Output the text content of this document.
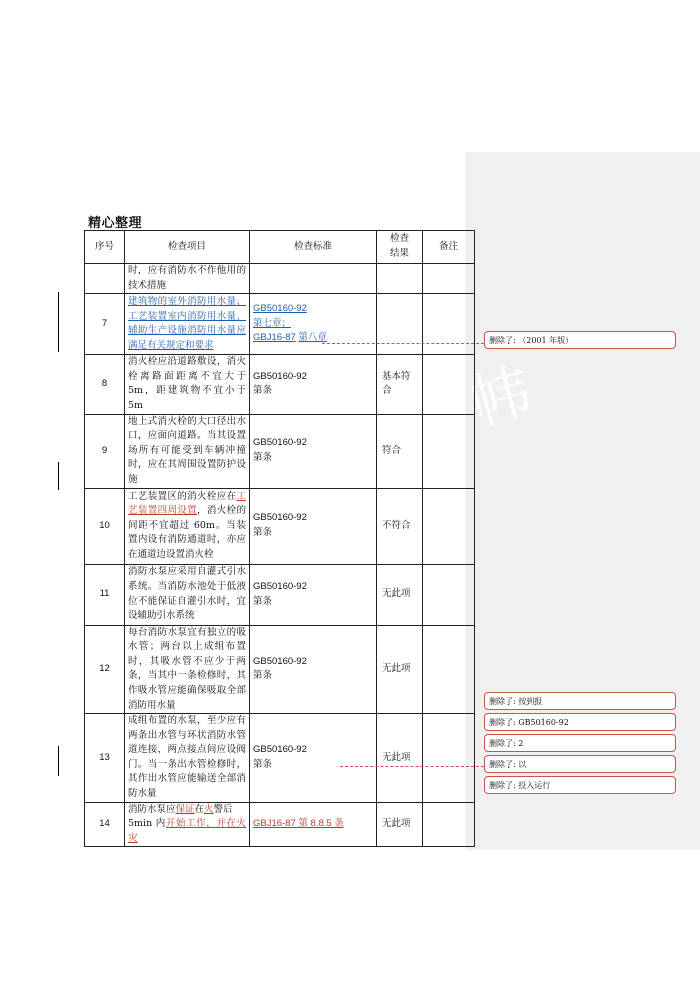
帏
精心整理
序号	检查项目	检查标准	检查
结果	备注
	时，应有消防水不作他用的技术措施			
7	建筑物的室外消防用水量、工艺装置室内消防用水量、辅助生产设施消防用水量应满足有关规定和要求	GB50160-92
第七章；
GBJ16-87 第八章		
8	消火栓应沿道路敷设，消火栓离路面距离不宜大于 5m，距建筑物不宜小于 5m	GB50160-92
第条	基本符合	
9	地上式消火栓的大口径出水口，应面向道路。当其设置场所有可能受到车辆冲撞时，应在其周围设置防护设施	GB50160-92
第条	符合	
10	工艺装置区的消火栓应在工艺装置四周设置，消火栓的间距不宜超过 60m。当装置内设有消防通道时，亦应在通道边设置消火栓	GB50160-92
第条	不符合	
11	消防水泵应采用自灌式引水系统。当消防水池处于低液位不能保证自灌引水时，宜设辅助引水系统	GB50160-92
第条	无此项	
12	每台消防水泵宜有独立的吸水管；两台以上成组布置时，其吸水管不应少于两条，当其中一条检修时，其作吸水管应能确保吸取全部消防用水量	GB50160-92
第条	无此项	
13	成组布置的水泵，至少应有两条出水管与环状消防水管道连接，两点接点间应设阀门。当一条出水管检修时，其作出水管应能输送全部消防水量	GB50160-92
第条	无此项	
14	消防水泵应保证在火警后
5min 内开始工作，并在火灾	GBJ16-87 第 8.8.5 条	无此项	
删除了: （2001 年版）
删除了: 按到报
删除了: GB50160-92
删除了: 2
删除了: 以
删除了: 投入运行
